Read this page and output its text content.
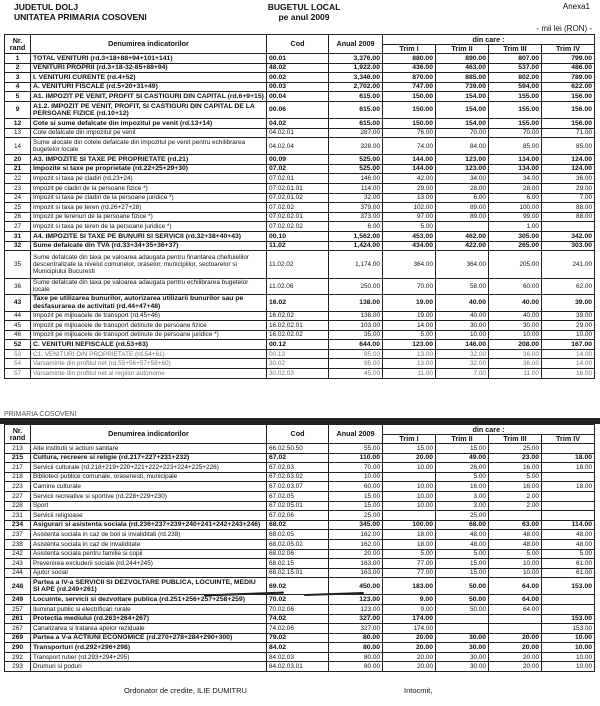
JUDETUL DOLJ
UNITATEA PRIMARIA COSOVENI
BUGETUL LOCAL
pe anul 2009
Anexa1
- mii lei (RON) -
Nr. rand	Denumirea indicatorilor	Cod	Anual 2009	din care :			
				Trim I	Trim II	Trim III	Trim IV
1	TOTAL VENITURI (rd.3+18+88+94+101+141)	00.01	3,376.00	880.00	890.00	807.00	799.00
2	VENITURI PROPRII (rd.3+18-32-85+88+94)	48.02	1,922.00	436.00	463.00	537.00	486.00
3	I. VENITURI CURENTE (rd.4+52)	00.02	3,346.00	870.00	885.00	802.00	789.00
4	A. VENITURI FISCALE (rd.5+20+31+49)	00.03	2,702.00	747.00	739.00	594.00	622.00
5	A1. IMPOZIT PE VENIT, PROFIT SI CASTIGURI DIN CAPITAL (rd.6+9+15)	00.04	615.00	150.00	154.00	155.00	156.00
9	A1.2. IMPOZIT PE VENIT, PROFIT, SI CASTIGURI DIN CAPITAL DE LA PERSOANE FIZICE (rd.10+12)	00.06	615.00	150.00	154.00	155.00	156.00
12	Cote si sume defalcate din impozitul pe venit (rd.13+14)	04.02	615.00	150.00	154.00	155.00	156.00
13	Cote defalcate din impozitul pe venit	04.02.01	287.00	76.00	70.00	70.00	71.00
14	Sume alocate din cotele defalcate din impozitul pe venit pentru echilibrarea bugetelor locale	04.02.04	328.00	74.00	84.00	85.00	85.00
20	A3. IMPOZITE SI TAXE PE PROPRIETATE (rd.21)	00.09	525.00	144.00	123.00	134.00	124.00
21	Impozite si taxe pe proprietate (rd.22+25+29+30)	07.02	525.00	144.00	123.00	134.00	124.00
22	Impozit si taxa pe cladiri (rd.23+24)	07.02.01	146.00	42.00	34.00	34.00	36.00
23	Impozit pe cladiri de la persoane fizice *)	07.02.01.01	114.00	29.00	28.00	28.00	29.00
24	Impozit si taxa pe cladiri de la persoane juridice *)	07.02.01.02	32.00	13.00	6.00	6.00	7.00
25	Impozit si taxa pe teren (rd.26+27+28)	07.02.02	379.00	102.00	89.00	100.00	88.00
26	Impozit pe terenuri de la persoane fizice *)	07.02.02.01	373.00	97.00	89.00	99.00	88.00
27	Impozit si taxa pe teren de la persoane juridice *)	07.02.02.02	6.00	5.00		1.00	
31	A4. IMPOZITE SI TAXE PE BUNURI SI SERVICII (rd.32+38+40+43)	00.10	1,562.00	453.00	462.00	305.00	342.00
32	Sume defalcate din TVA (rd.33+34+35+36+37)	11.02	1,424.00	434.00	422.00	265.00	303.00
35	Sume defalcate din taxa pe valoarea adaugata pentru finantarea cheltuielilor descentralizate la nivelul comunelor, oraselor, municipiilor, sectoarelor si Municipiului Bucuresti	11.02.02	1,174.00	364.00	364.00	205.00	241.00
36	Sume defalcate din taxa pe valoarea adaugata pentru echilibrarea bugetelor locale	11.02.06	250.00	70.00	58.00	60.00	62.00
43	Taxe pe utilizarea bunurilor, autorizarea utilizarii bunurilor sau pe desfasurarea de activitati (rd.44+47+48)	16.02	138.00	19.00	40.00	40.00	39.00
44	Impozit pe mijloacele de transport (rd.45+46)	16.02.02	138.00	19.00	40.00	40.00	39.00
45	Impozit pe mijloacele de transport detinute de persoane fizice	16.02.02.01	103.00	14.00	30.00	30.00	29.00
46	Impozit pe mijloacele de transport detinute de persoane juridice *)	16.02.02.02	35.00	5.00	10.00	10.00	10.00
52	C. VENITURI NEFISCALE (rd.53+63)	00.12	644.00	123.00	146.00	208.00	167.00
53	C1. VENITURI DIN PROPRIETATE (rd.54+61)	00.13	95.00	13.00	32.00	36.00	14.00
54	Varsaminte din profitul net (rd.55+56+57+58+60)	30.02	95.00	13.00	32.00	36.00	14.00
57	Varsaminte din profitul net al regiilor autonome	30.02.03	45.00	11.00	7.00	11.00	16.00
PRIMARIA COSOVENI
Nr. rand	Denumirea indicatorilor	Cod	Anual 2009	din care :			
				Trim I	Trim II	Trim III	Trim IV
213	Alte institutii si actiuni sanitare	66.02.50.50	55.00	15.00	15.00	25.00	
215	Cultura, recreere si religie (rd.217+227+231+232)	67.02	110.00	20.00	49.00	23.00	18.00
217	Servicii culturale (rd.218+219+220+221+222+223+224+225+226)	67.02.03	70.00	10.00	26.00	16.00	18.00
218	Biblioteci publice comunale, orasenesti, municipale	67.02.03.02	10.00		5.00	5.00	
223	Camine culturale	67.02.03.07	60.00	10.00	16.00	16.00	18.00
227	Servicii recreative si sportive (rd.228+229+230)	67.02.05	15.00	10.00	3.00	2.00	
228	Sport	67.02.05.01	15.00	10.00	3.00	2.00	
231	Servicii religioase	67.02.06	25.00		25.00		
234	Asigurari si asistenta sociala (rd.236+237+239+240+241+242+243+246)	68.02	345.00	100.00	68.00	63.00	114.00
237	Asistenta sociala in caz de boli si invaliditati (rd.238)	68.02.05	162.00	18.00	48.00	48.00	48.00
238	Asistenta sociala in caz de invaliditate	68.02.05.02	162.00	18.00	48.00	48.00	48.00
242	Asistenta sociala pentru familie si copii	68.02.06	20.00	5.00	5.00	5.00	5.00
243	Prevenirea excluderii sociale (rd.244+245)	68.02.15	163.00	77.00	15.00	10.00	61.00
244	Ajutor social	68.02.15.01	163.00	77.00	15.00	10.00	61.00
248	Partea a IV-a SERVICII SI DEZVOLTARE PUBLICA, LOCUINTE, MEDIU SI APE (rd.249+261)	69.02	450.00	183.00	50.00	64.00	153.00
249	Locuinte, servicii si dezvoltare publica (rd.251+256+257+258+259)	70.02	123.00	9.00	50.00	64.00	
257	Iluminat public si electrificari rurale	70.02.06	123.00	9.00	50.00	64.00	
261	Protectia mediului (rd.263+264+267)	74.02	327.00	174.00			153.00
267	Canalizarea si tratarea apelor reziduale	74.02.06	327.00	174.00			153.00
269	Partea a V-a ACTIUNI ECONOMICE (rd.270+278+284+290+300)	79.02	80.00	20.00	30.00	20.00	10.00
290	Transporturi (rd.292+296+298)	84.02	80.00	20.00	30.00	20.00	10.00
292	Transport rutier (rd.293+294+295)	84.02.03	80.00	20.00	30.00	20.00	10.00
293	Drumuri si poduri	84.02.03.01	80.00	20.00	30.00	20.00	10.00
Ordonator de credite, ILIE DUMITRU	Intocmit,
